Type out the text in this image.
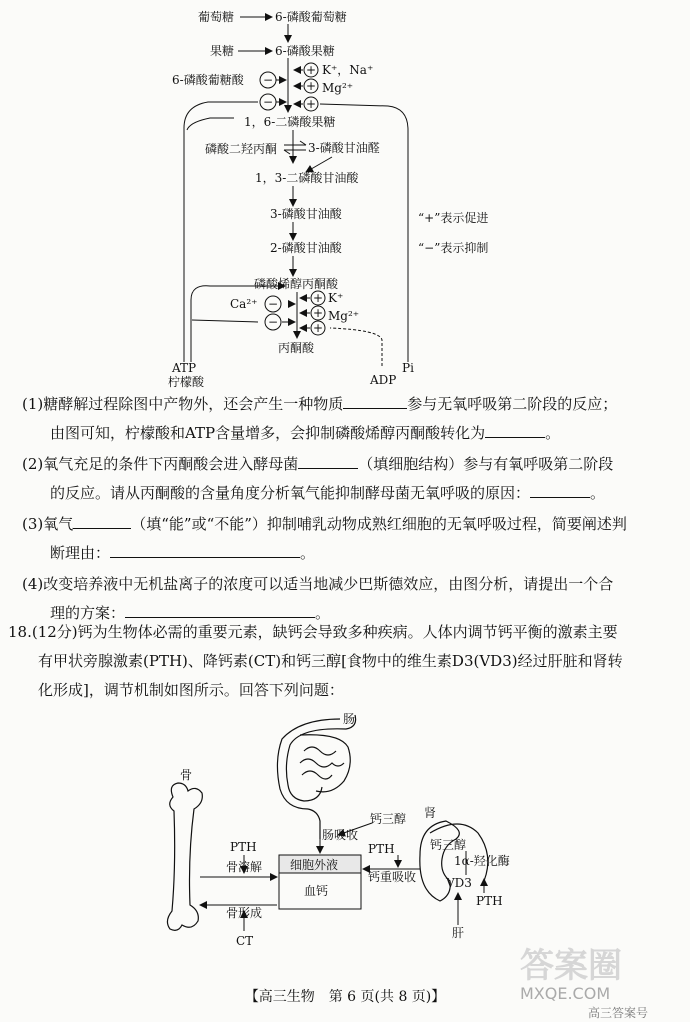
−
−
+
+
+
−
−
+
+
+
葡萄糖	6-磷酸葡萄糖
果糖	6-磷酸果糖
6-磷酸葡糖酸
K⁺，Na⁺
Mg²⁺
1，6-二磷酸果糖
磷酸二羟丙酮	3-磷酸甘油醛
1，3-二磷酸甘油酸
3-磷酸甘油酸
2-磷酸甘油酸
磷酸烯醇丙酮酸
Ca²⁺	K⁺
Mg²⁺
丙酮酸
ATP
柠檬酸	ADP
Pi
“+”表示促进
“−”表示抑制
(1)糖酵解过程除图中产物外，还会产生一种物质	参与无氧呼吸第二阶段的反应；
由图可知，柠檬酸和ATP含量增多，会抑制磷酸烯醇丙酮酸转化为	。
(2)氧气充足的条件下丙酮酸会进入酵母菌	（填细胞结构）参与有氧呼吸第二阶段
的反应。请从丙酮酸的含量角度分析氧气能抑制酵母菌无氧呼吸的原因：	。
(3)氧气	（填“能”或“不能”）抑制哺乳动物成熟红细胞的无氧呼吸过程，简要阐述判
断理由：	。
(4)改变培养液中无机盐离子的浓度可以适当地减少巴斯德效应，由图分析，请提出一个合
理的方案：	。
18.(12分)钙为生物体必需的重要元素，缺钙会导致多种疾病。人体内调节钙平衡的激素主要
有甲状旁腺激素(PTH)、降钙素(CT)和钙三醇[食物中的维生素D3(VD3)经过肝脏和肾转
化形成]，调节机制如图所示。回答下列问题：
肠
骨
肾
钙三醇
肠吸收
PTH
骨溶解 细胞外液
血钙
骨形成
CT
PTH
钙重吸收
钙三醇
1α-羟化酶
VD3
PTH
肝
【高三生物　第 6 页(共 8 页)】
答案圈
MXQE.COM
高三答案号
